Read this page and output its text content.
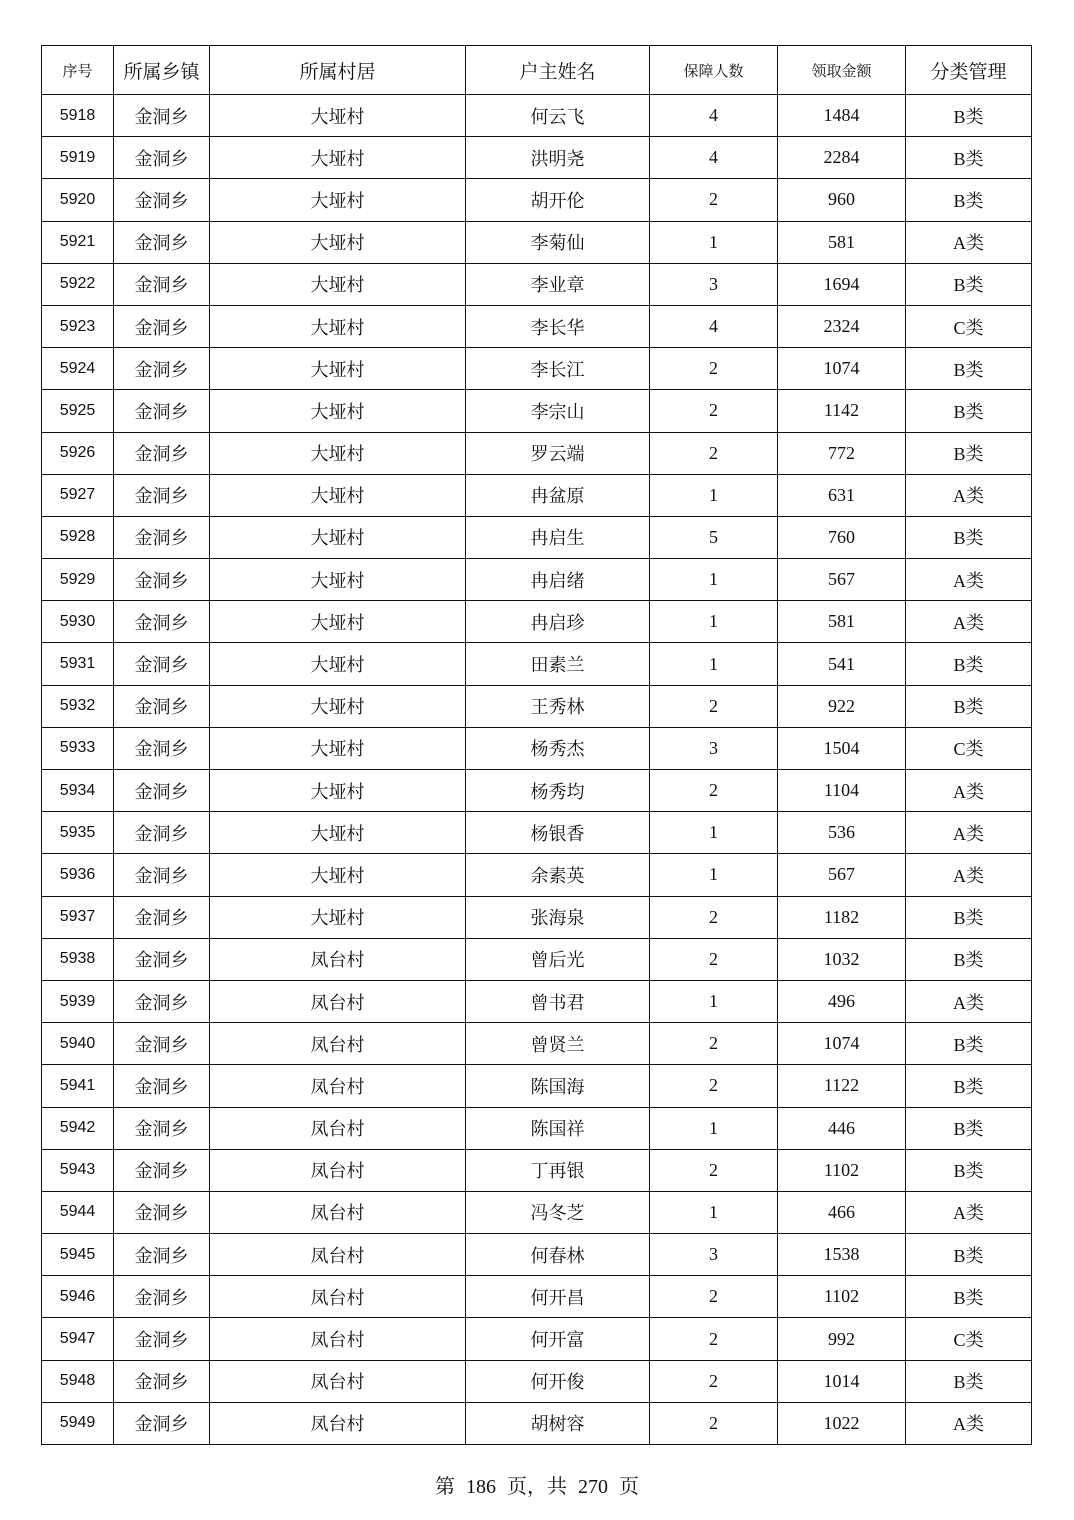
序号	所属乡镇	所属村居	户主姓名	保障人数	领取金额	分类管理
5918	金洞乡	大垭村	何云飞	4	1484	B类
5919	金洞乡	大垭村	洪明尧	4	2284	B类
5920	金洞乡	大垭村	胡开伦	2	960	B类
5921	金洞乡	大垭村	李菊仙	1	581	A类
5922	金洞乡	大垭村	李业章	3	1694	B类
5923	金洞乡	大垭村	李长华	4	2324	C类
5924	金洞乡	大垭村	李长江	2	1074	B类
5925	金洞乡	大垭村	李宗山	2	1142	B类
5926	金洞乡	大垭村	罗云端	2	772	B类
5927	金洞乡	大垭村	冉盆原	1	631	A类
5928	金洞乡	大垭村	冉启生	5	760	B类
5929	金洞乡	大垭村	冉启绪	1	567	A类
5930	金洞乡	大垭村	冉启珍	1	581	A类
5931	金洞乡	大垭村	田素兰	1	541	B类
5932	金洞乡	大垭村	王秀林	2	922	B类
5933	金洞乡	大垭村	杨秀杰	3	1504	C类
5934	金洞乡	大垭村	杨秀均	2	1104	A类
5935	金洞乡	大垭村	杨银香	1	536	A类
5936	金洞乡	大垭村	余素英	1	567	A类
5937	金洞乡	大垭村	张海泉	2	1182	B类
5938	金洞乡	凤台村	曾后光	2	1032	B类
5939	金洞乡	凤台村	曾书君	1	496	A类
5940	金洞乡	凤台村	曾贤兰	2	1074	B类
5941	金洞乡	凤台村	陈国海	2	1122	B类
5942	金洞乡	凤台村	陈国祥	1	446	B类
5943	金洞乡	凤台村	丁再银	2	1102	B类
5944	金洞乡	凤台村	冯冬芝	1	466	A类
5945	金洞乡	凤台村	何春林	3	1538	B类
5946	金洞乡	凤台村	何开昌	2	1102	B类
5947	金洞乡	凤台村	何开富	2	992	C类
5948	金洞乡	凤台村	何开俊	2	1014	B类
5949	金洞乡	凤台村	胡树容	2	1022	A类
第 186 页，共 270 页
